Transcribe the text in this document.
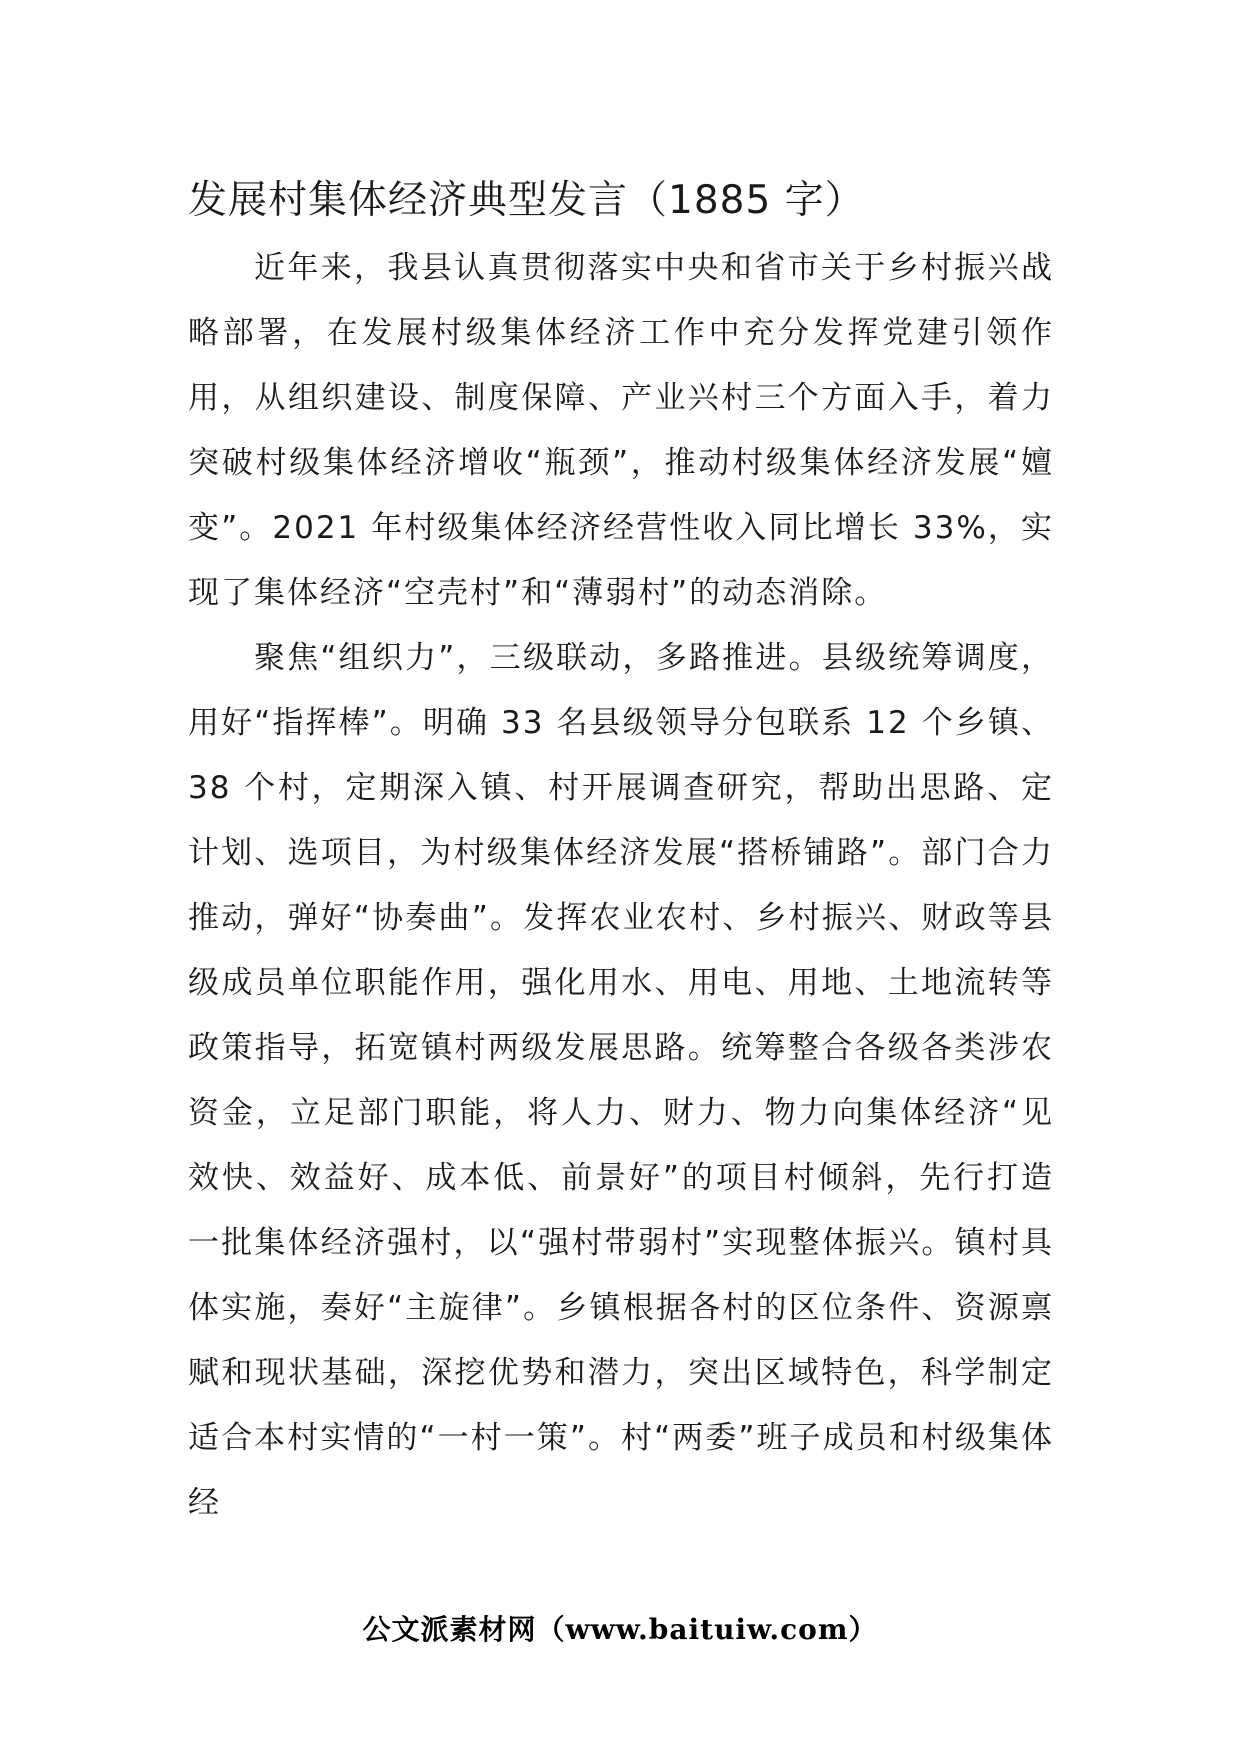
发展村集体经济典型发言（1885 字）

近年来，我县认真贯彻落实中央和省市关于乡村振兴战略部署，在发展村级集体经济工作中充分发挥党建引领作用，从组织建设、制度保障、产业兴村三个方面入手，着力突破村级集体经济增收“瓶颈”，推动村级集体经济发展“嬗变”。2021 年村级集体经济经营性收入同比增长 33%，实现了集体经济“空壳村”和“薄弱村”的动态消除。

聚焦“组织力”，三级联动，多路推进。县级统筹调度，用好“指挥棒”。明确 33 名县级领导分包联系 12 个乡镇、38 个村，定期深入镇、村开展调查研究，帮助出思路、定计划、选项目，为村级集体经济发展“搭桥铺路”。部门合力推动，弹好“协奏曲”。发挥农业农村、乡村振兴、财政等县级成员单位职能作用，强化用水、用电、用地、土地流转等政策指导，拓宽镇村两级发展思路。统筹整合各级各类涉农资金，立足部门职能，将人力、财力、物力向集体经济“见效快、效益好、成本低、前景好”的项目村倾斜，先行打造一批集体经济强村，以“强村带弱村”实现整体振兴。镇村具体实施，奏好“主旋律”。乡镇根据各村的区位条件、资源禀赋和现状基础，深挖优势和潜力，突出区域特色，科学制定适合本村实情的“一村一策”。村“两委”班子成员和村级集体经

公文派素材网（www.baituiw.com）
